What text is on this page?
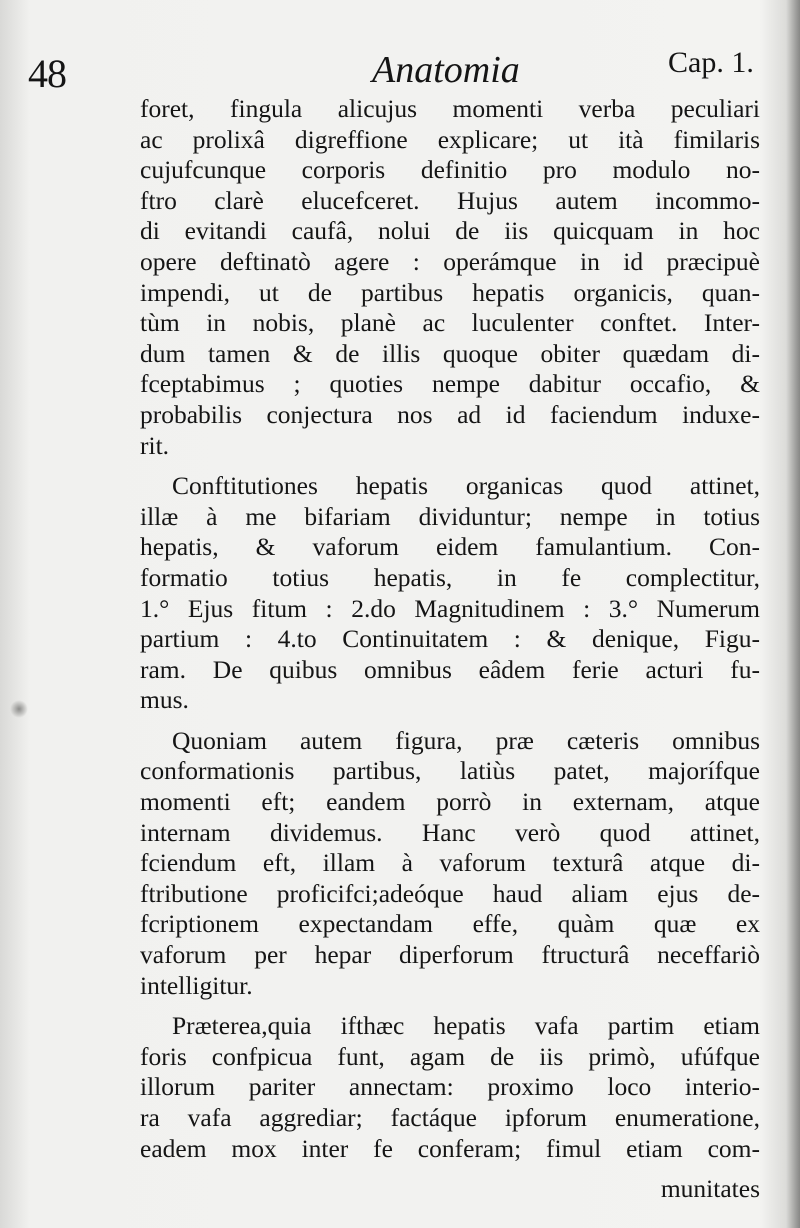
48	Anatomia	Cap. 1.
foret, fingula alicujus momenti verba peculiari
ac prolixâ digreffione explicare; ut ità fimilaris
cujufcunque corporis definitio pro modulo no-
ftro clarè elucefceret. Hujus autem incommo-
di evitandi caufâ, nolui de iis quicquam in hoc
opere deftinatò agere : operámque in id præcipuè
impendi, ut de partibus hepatis organicis, quan-
tùm in nobis, planè ac luculenter conftet. Inter-
dum tamen & de illis quoque obiter quædam di-
fceptabimus ; quoties nempe dabitur occafio, &
probabilis conjectura nos ad id faciendum induxe-
rit.
Conftitutiones hepatis organicas quod attinet,
illæ à me bifariam dividuntur; nempe in totius
hepatis, & vaforum eidem famulantium. Con-
formatio totius hepatis, in fe complectitur,
1.° Ejus fitum : 2.do Magnitudinem : 3.° Numerum
partium : 4.to Continuitatem : & denique, Figu-
ram. De quibus omnibus eâdem ferie acturi fu-
mus.
Quoniam autem figura, præ cæteris omnibus
conformationis partibus, latiùs patet, majorífque
momenti eft; eandem porrò in externam, atque
internam dividemus. Hanc verò quod attinet,
fciendum eft, illam à vaforum texturâ atque di-
ftributione proficifci;adeóque haud aliam ejus de-
fcriptionem expectandam effe, quàm quæ ex
vaforum per hepar diperforum ftructurâ neceffariò
intelligitur.
Præterea,quia ifthæc hepatis vafa partim etiam
foris confpicua funt, agam de iis primò, ufúfque
illorum pariter annectam: proximo loco interio-
ra vafa aggrediar; factáque ipforum enumeratione,
eadem mox inter fe conferam; fimul etiam com-
munitates
